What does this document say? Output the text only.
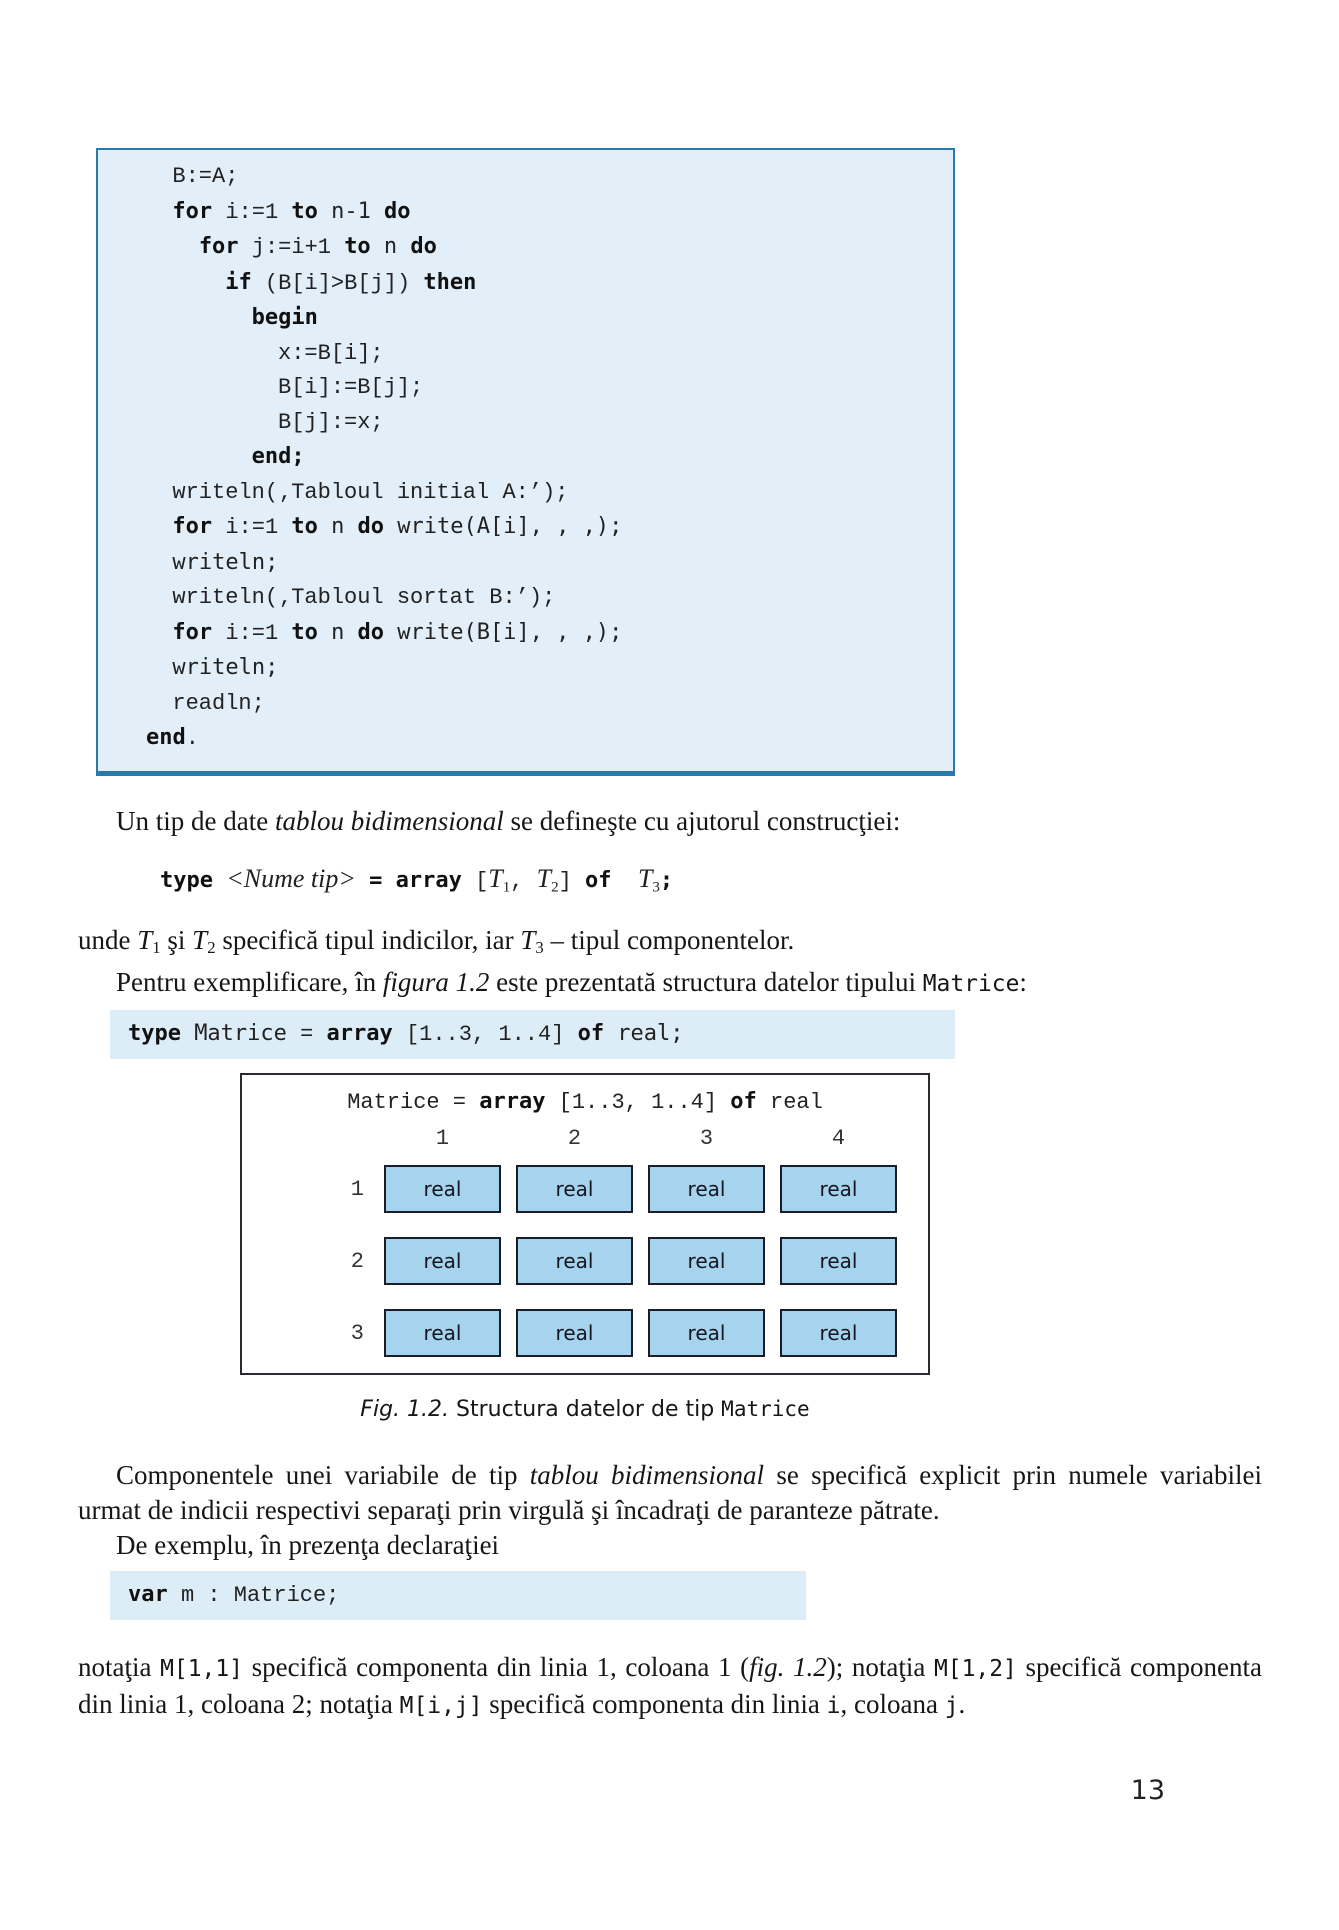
B:=A;
for i:=1 to n-1 do
for j:=i+1 to n do
if (B[i]>B[j]) then
begin
x:=B[i];
B[i]:=B[j];
B[j]:=x;
end;
writeln(‚Tabloul initial A:’);
for i:=1 to n do write(A[i], , ,);
writeln;
writeln(‚Tabloul sortat B:’);
for i:=1 to n do write(B[i], , ,);
writeln;
readln;
end.

Un tip de date tablou bidimensional se defineşte cu ajutorul construcţiei:

type <Nume tip> = array [$T_1$, $T_2$] of $T_3$;

unde T1 şi T2 specifică tipul indicilor, iar T3 – tipul componentelor.

Pentru exemplificare, în figura 1.2 este prezentată structura datelor tipului Matrice:

type Matrice = array [1..3, 1..4] of real;
Matrice = array [1..3, 1..4] of real
1	2	3	4
1	real	real	real	real
2	real	real	real	real
3	real	real	real	real
Fig. 1.2. Structura datelor de tip Matrice

Componentele unei variabile de tip tablou bidimensional se specifică explicit prin numele variabilei urmat de indicii respectivi separaţi prin virgulă şi încadraţi de paranteze pătrate.

De exemplu, în prezenţa declaraţiei

var m : Matrice;

notaţia M[1,1] specifică componenta din linia 1, coloana 1 (fig. 1.2); notaţia M[1,2] specifică componenta din linia 1, coloana 2; notaţia M[i,j] specifică componenta din linia i, coloana j.

13
